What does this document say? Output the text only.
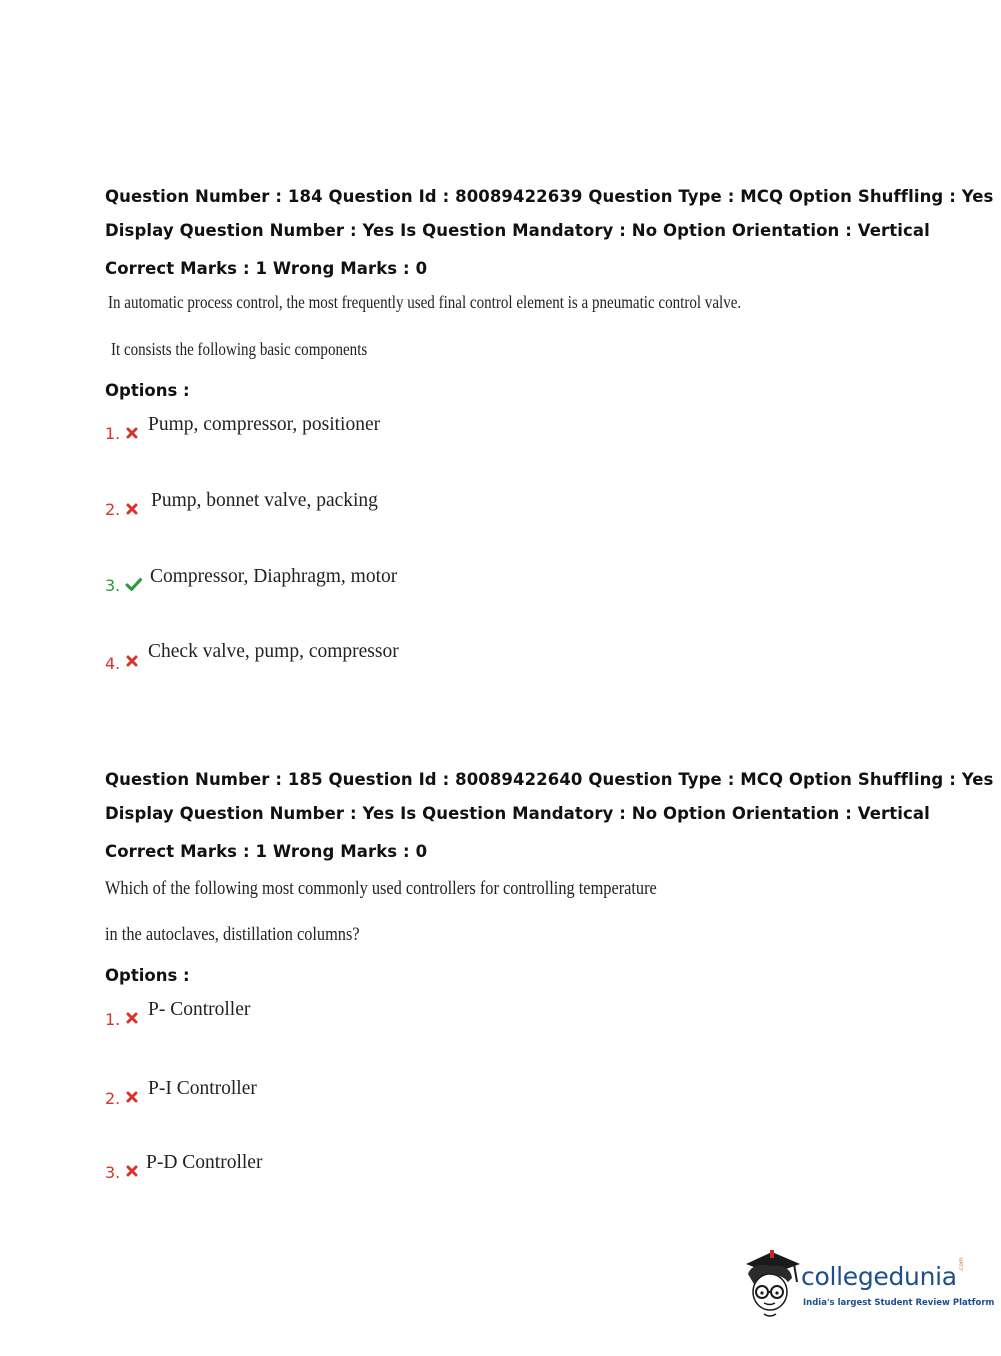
Question Number : 184 Question Id : 80089422639 Question Type : MCQ Option Shuffling : Yes
Display Question Number : Yes Is Question Mandatory : No Option Orientation : Vertical
Correct Marks : 1 Wrong Marks : 0
In automatic process control, the most frequently used final control element is a pneumatic control valve.
It consists the following basic components
Options :
1. Pump, compressor, positioner
2. Pump, bonnet valve, packing
3. Compressor, Diaphragm, motor
4.
Check valve, pump, compressor
Question Number : 185 Question Id : 80089422640 Question Type : MCQ Option Shuffling : Yes
Display Question Number : Yes Is Question Mandatory : No Option Orientation : Vertical
Correct Marks : 1 Wrong Marks : 0
Which of the following most commonly used controllers for controlling temperature
in the autoclaves, distillation columns?
Options :
1. P- Controller
2. P-I Controller
3. P-D Controller
collegedunia .com
India's largest Student Review Platform
